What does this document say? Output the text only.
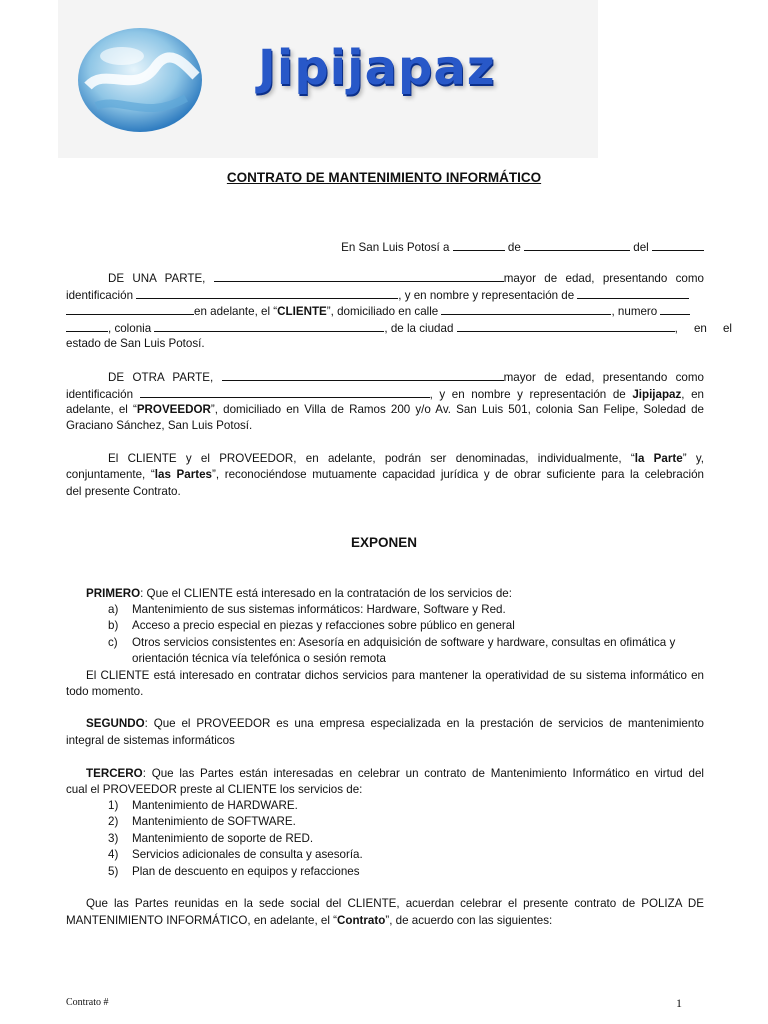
Jipijapaz
CONTRATO DE MANTENIMIENTO INFORMÁTICO
En San Luis Potosí a	de	del
DE UNA PARTE,	mayor de edad, presentando como
identificación	, y en nombre y representación de
en adelante, el “CLIENTE”, domiciliado en calle	, numero
, colonia	, de la ciudad	,     en     el
estado de San Luis Potosí.
DE OTRA PARTE,	mayor de edad, presentando como
identificación	, y en nombre y representación de Jipijapaz, en
adelante, el “PROVEEDOR”, domiciliado en Villa de Ramos 200 y/o Av. San Luis 501, colonia San Felipe, Soledad de
Graciano Sánchez, San Luis Potosí.
El CLIENTE y el PROVEEDOR, en adelante, podrán ser denominadas, individualmente, “la Parte” y,
conjuntamente, “las Partes”, reconociéndose mutuamente capacidad jurídica y de obrar suficiente para la celebración
del presente Contrato.
EXPONEN
PRIMERO: Que el CLIENTE está interesado en la contratación de los servicios de:
a) Mantenimiento de sus sistemas informáticos: Hardware, Software y Red.
b) Acceso a precio especial en piezas y refacciones sobre público en general
c) Otros servicios consistentes en: Asesoría en adquisición de software y hardware, consultas en ofimática y
orientación técnica vía telefónica o sesión remota
El CLIENTE está interesado en contratar dichos servicios para mantener la operatividad de su sistema informático en
todo momento.
SEGUNDO: Que el PROVEEDOR es una empresa especializada en la prestación de servicios de mantenimiento
integral de sistemas informáticos
TERCERO: Que las Partes están interesadas en celebrar un contrato de Mantenimiento Informático en virtud del
cual el PROVEEDOR preste al CLIENTE los servicios de:
1) Mantenimiento de HARDWARE.
2) Mantenimiento de SOFTWARE.
3) Mantenimiento de soporte de RED.
4) Servicios adicionales de consulta y asesoría.
5) Plan de descuento en equipos y refacciones
Que las Partes reunidas en la sede social del CLIENTE, acuerdan celebrar el presente contrato de POLIZA DE
MANTENIMIENTO INFORMÁTICO, en adelante, el “Contrato”, de acuerdo con las siguientes:
Contrato #	1
